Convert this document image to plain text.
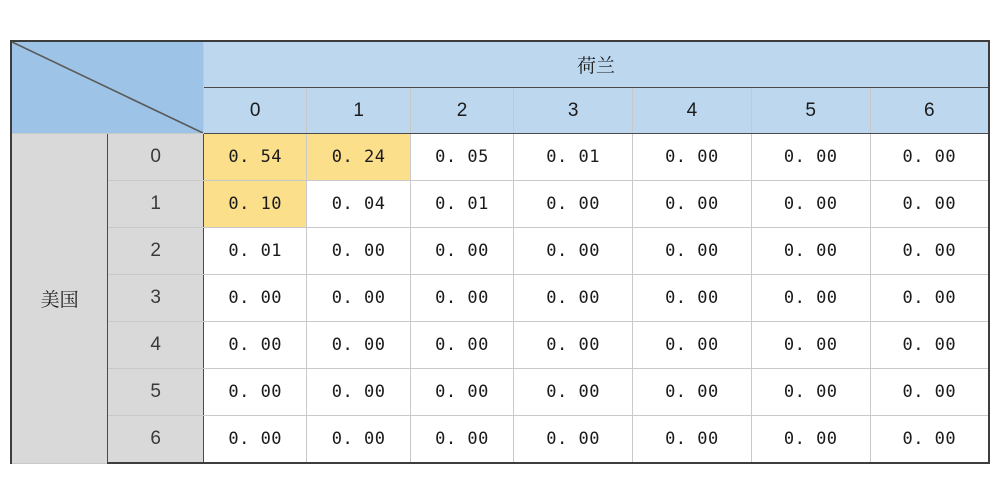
	荷兰						
		0	1	2	3	4	5	6
美国	0	0. 54	0. 24	0. 05	0. 01	0. 00	0. 00	0. 00
	1	0. 10	0. 04	0. 01	0. 00	0. 00	0. 00	0. 00
	2	0. 01	0. 00	0. 00	0. 00	0. 00	0. 00	0. 00
	3	0. 00	0. 00	0. 00	0. 00	0. 00	0. 00	0. 00
	4	0. 00	0. 00	0. 00	0. 00	0. 00	0. 00	0. 00
	5	0. 00	0. 00	0. 00	0. 00	0. 00	0. 00	0. 00
	6	0. 00	0. 00	0. 00	0. 00	0. 00	0. 00	0. 00
